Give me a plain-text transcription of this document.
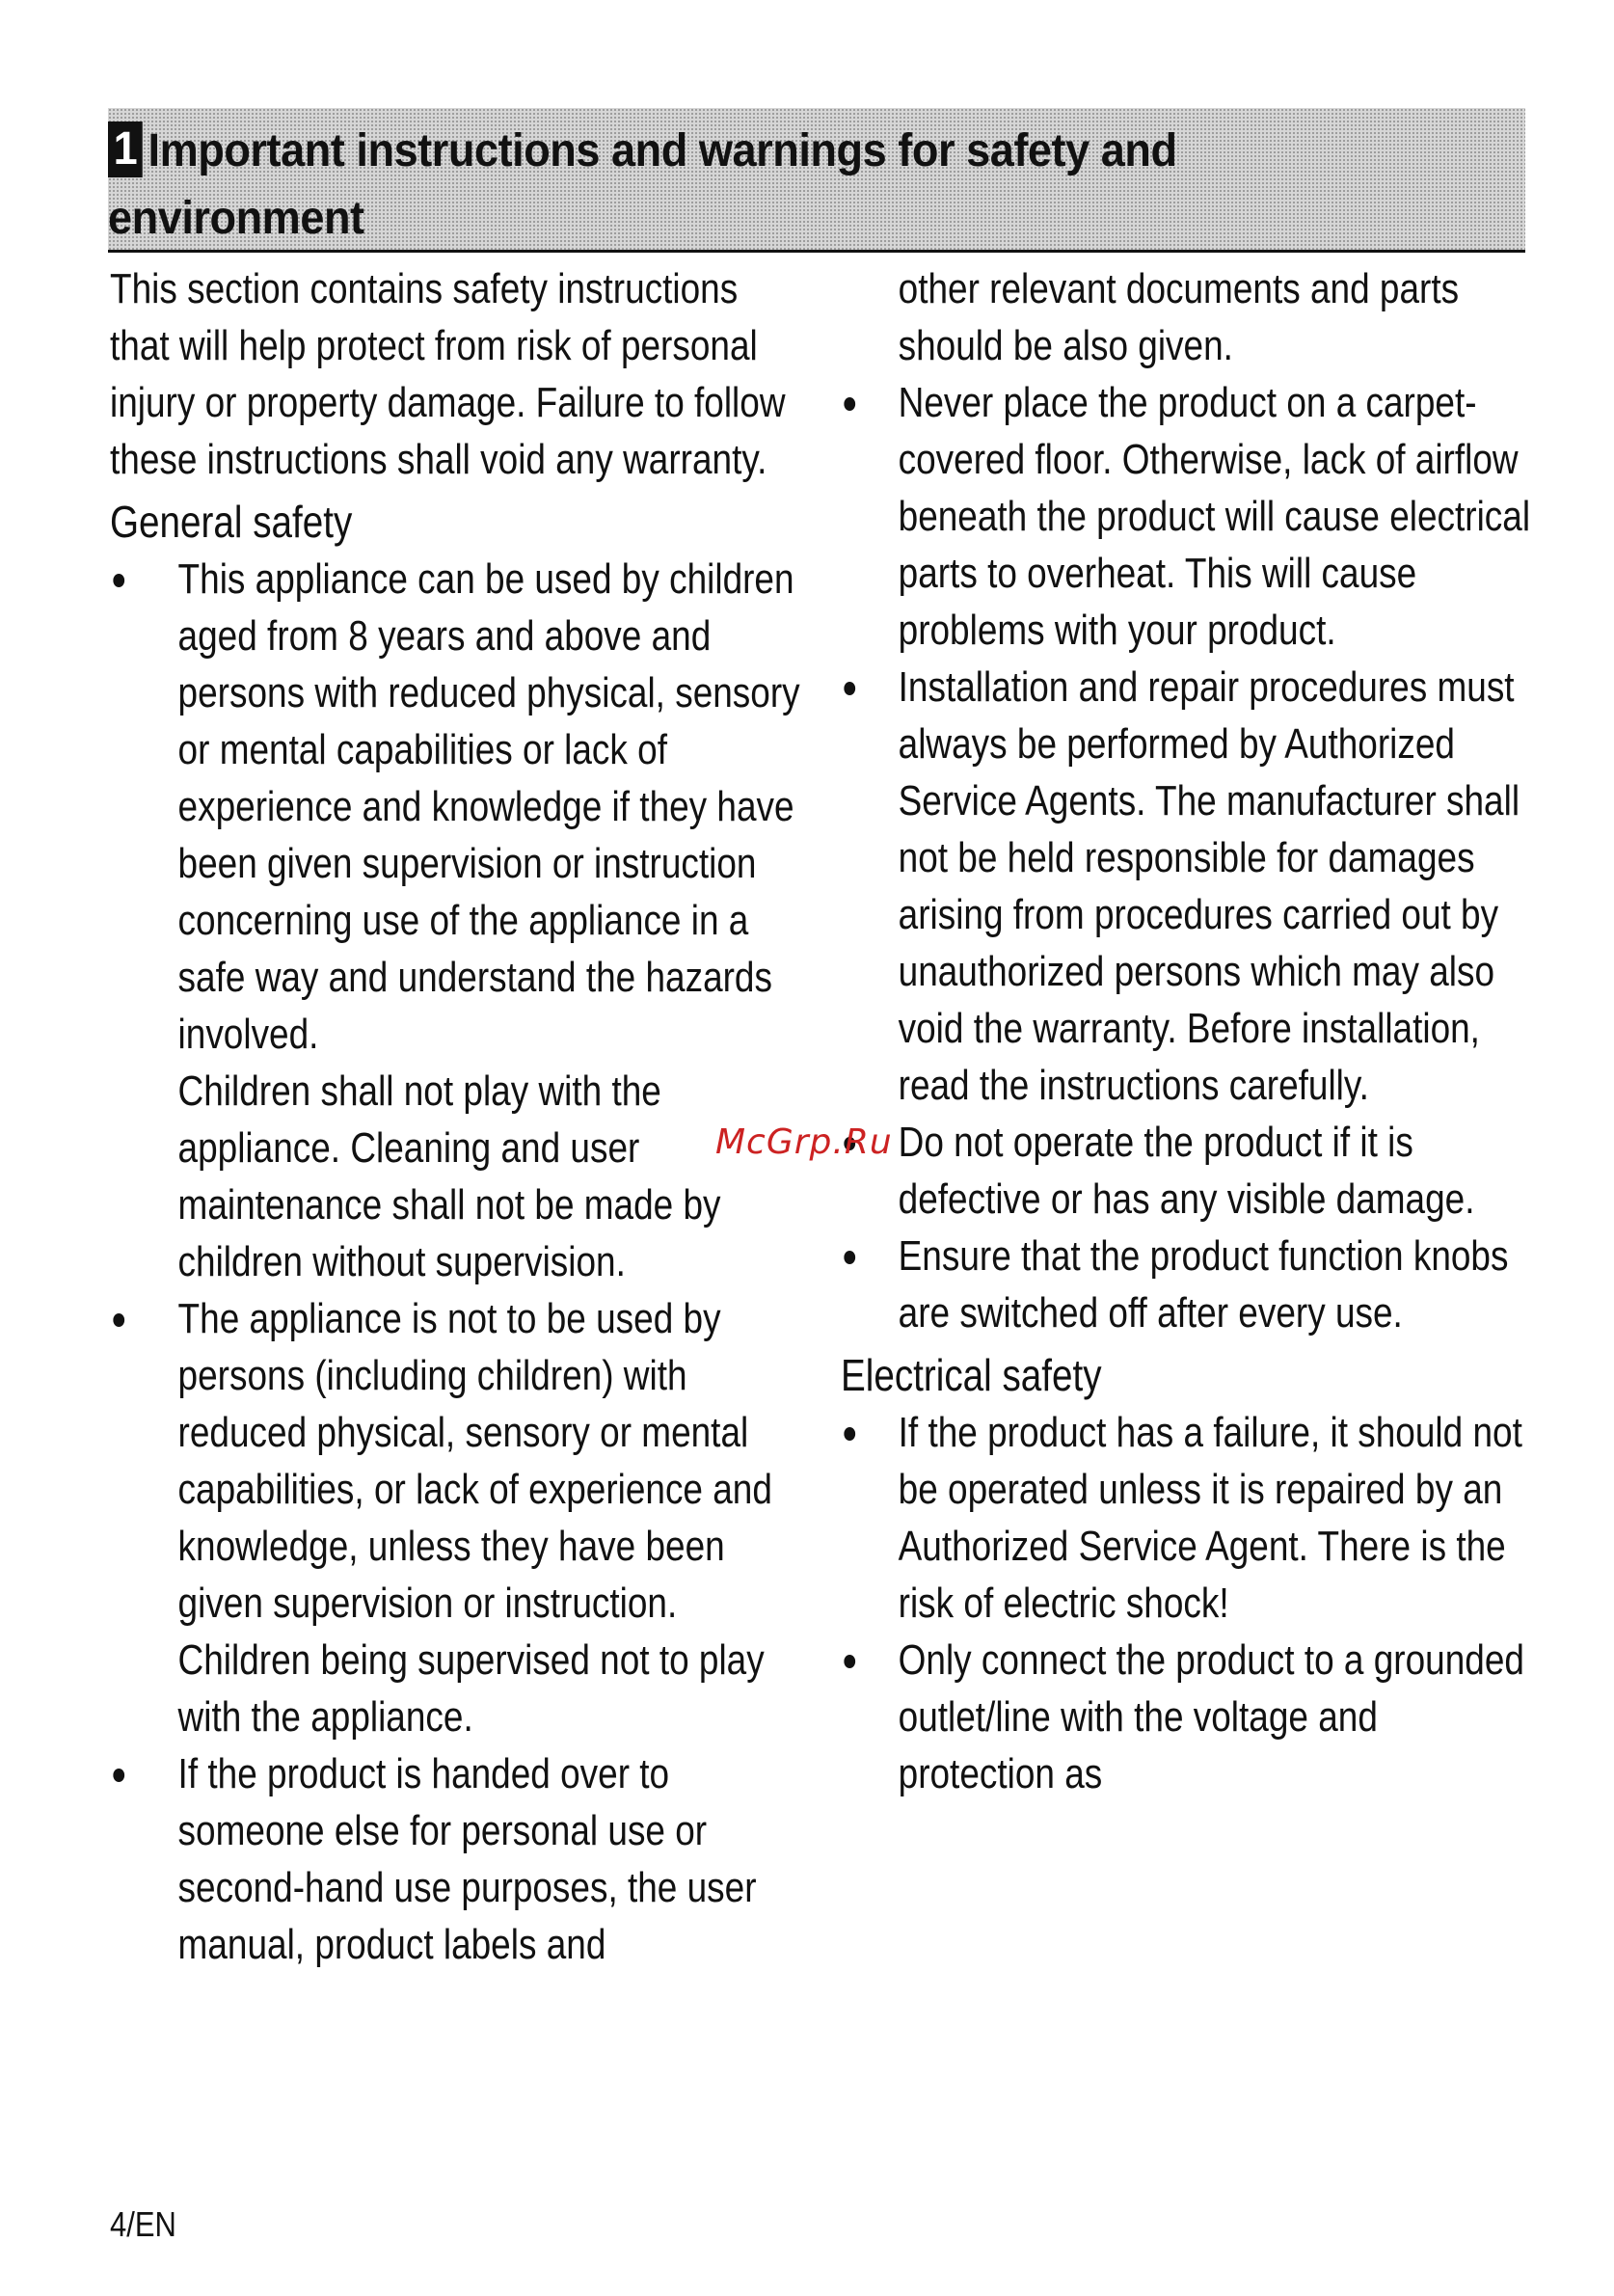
1 Important instructions and warnings for safety and environment

This section contains safety instructions that will help protect from risk of personal injury or property damage. Failure to follow these instructions shall void any warranty.

General safety
This appliance can be used by children aged from 8 years and above and persons with reduced physical, sensory or mental capabilities or lack of experience and knowledge if they have been given supervision or instruction concerning use of the appliance in a safe way and understand the hazards involved.
Children shall not play with the appliance. Cleaning and user maintenance shall not be made by children without supervision.
The appliance is not to be used by persons (including children) with reduced physical, sensory or mental capabilities, or lack of experience and knowledge, unless they have been given supervision or instruction.
Children being supervised not to play with the appliance.
If the product is handed over to someone else for personal use or second-hand use purposes, the user manual, product labels and
other relevant documents and parts should be also given.
Never place the product on a carpet-covered floor. Otherwise, lack of airflow beneath the product will cause electrical parts to overheat. This will cause problems with your product.
Installation and repair procedures must always be performed by Authorized Service Agents. The manufacturer shall not be held responsible for damages arising from procedures carried out by unauthorized persons which may also void the warranty. Before installation, read the instructions carefully.
Do not operate the product if it is defective or has any visible damage.
Ensure that the product function knobs are switched off after every use.
Electrical safety
If the product has a failure, it should not be operated unless it is repaired by an Authorized Service Agent. There is the risk of electric shock!
Only connect the product to a grounded outlet/line with the voltage and protection as
McGrp.Ru
4/EN
